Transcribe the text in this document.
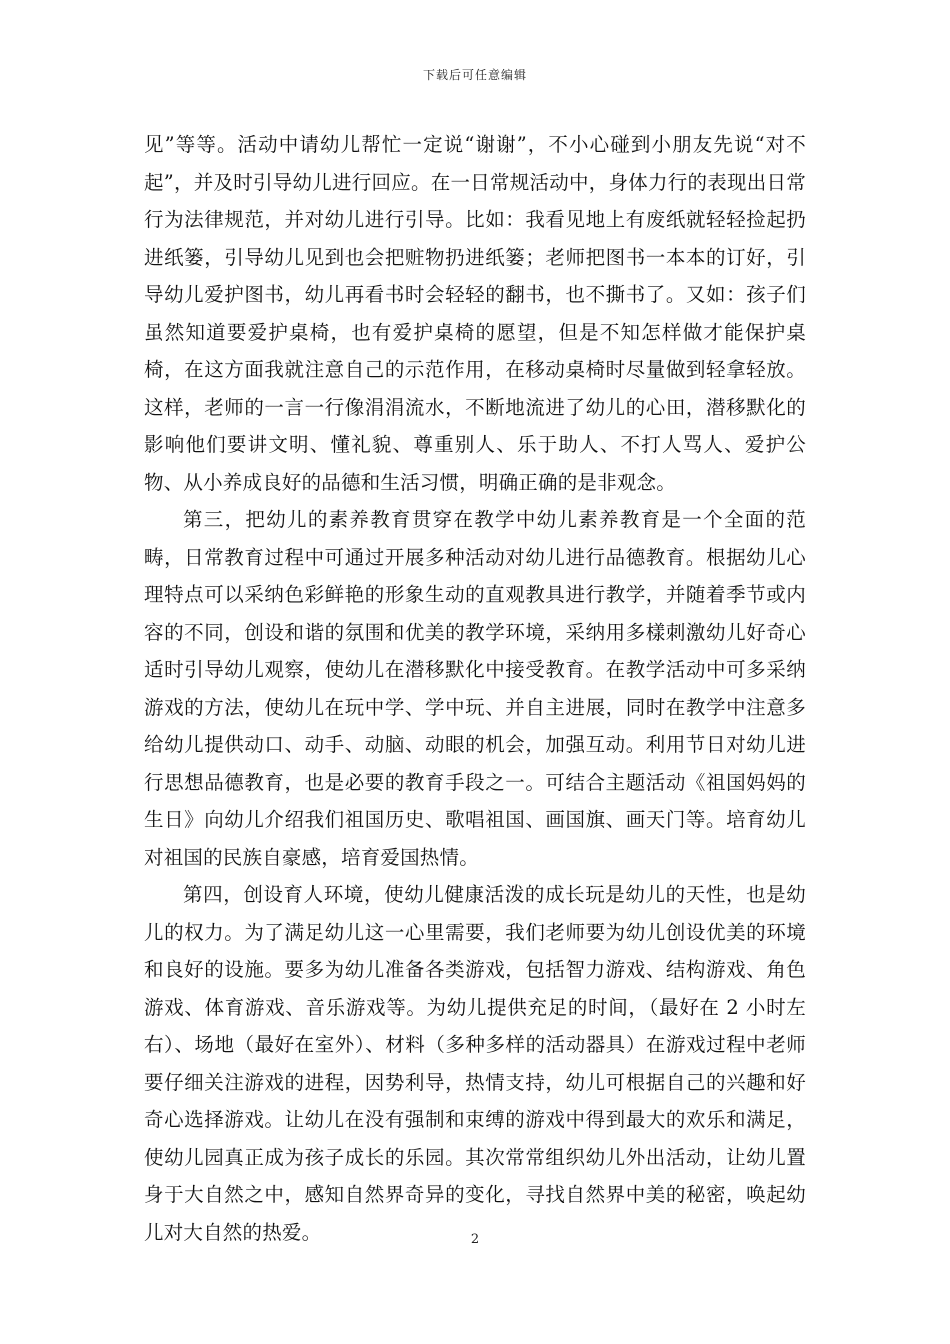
下载后可任意编辑

见”等等。活动中请幼儿帮忙一定说“谢谢”，不小心碰到小朋友先说“对不起”，并及时引导幼儿进行回应。在一日常规活动中，身体力行的表现出日常行为法律规范，并对幼儿进行引导。比如：我看见地上有废纸就轻轻捡起扔进纸篓，引导幼儿见到也会把赃物扔进纸篓；老师把图书一本本的订好，引导幼儿爱护图书，幼儿再看书时会轻轻的翻书，也不撕书了。又如：孩子们虽然知道要爱护桌椅，也有爱护桌椅的愿望，但是不知怎样做才能保护桌椅，在这方面我就注意自己的示范作用，在移动桌椅时尽量做到轻拿轻放。这样，老师的一言一行像涓涓流水，不断地流进了幼儿的心田，潜移默化的影响他们要讲文明、懂礼貌、尊重别人、乐于助人、不打人骂人、爱护公物、从小养成良好的品德和生活习惯，明确正确的是非观念。

第三，把幼儿的素养教育贯穿在教学中幼儿素养教育是一个全面的范畴，日常教育过程中可通过开展多种活动对幼儿进行品德教育。根据幼儿心理特点可以采纳色彩鲜艳的形象生动的直观教具进行教学，并随着季节或内容的不同，创设和谐的氛围和优美的教学环境，采纳用多樣刺激幼儿好奇心适时引导幼儿观察，使幼儿在潜移默化中接受教育。在教学活动中可多采纳游戏的方法，使幼儿在玩中学、学中玩、并自主进展，同时在教学中注意多给幼儿提供动口、动手、动脑、动眼的机会，加强互动。利用节日对幼儿进行思想品德教育，也是必要的教育手段之一。可结合主题活动《祖国妈妈的生日》向幼儿介绍我们祖国历史、歌唱祖国、画国旗、画天门等。培育幼儿对祖国的民族自豪感，培育爱国热情。

第四，创设育人环境，使幼儿健康活泼的成长玩是幼儿的天性，也是幼儿的权力。为了满足幼儿这一心里需要，我们老师要为幼儿创设优美的环境和良好的设施。要多为幼儿准备各类游戏，包括智力游戏、结构游戏、角色游戏、体育游戏、音乐游戏等。为幼儿提供充足的时间，（最好在 2 小时左右）、场地（最好在室外）、材料（多种多样的活动器具）在游戏过程中老师要仔细关注游戏的进程，因势利导，热情支持，幼儿可根据自己的兴趣和好奇心选择游戏。让幼儿在没有强制和束缚的游戏中得到最大的欢乐和满足，使幼儿园真正成为孩子成长的乐园。其次常常组织幼儿外出活动，让幼儿置身于大自然之中，感知自然界奇异的变化，寻找自然界中美的秘密，唤起幼儿对大自然的热爱。	2
